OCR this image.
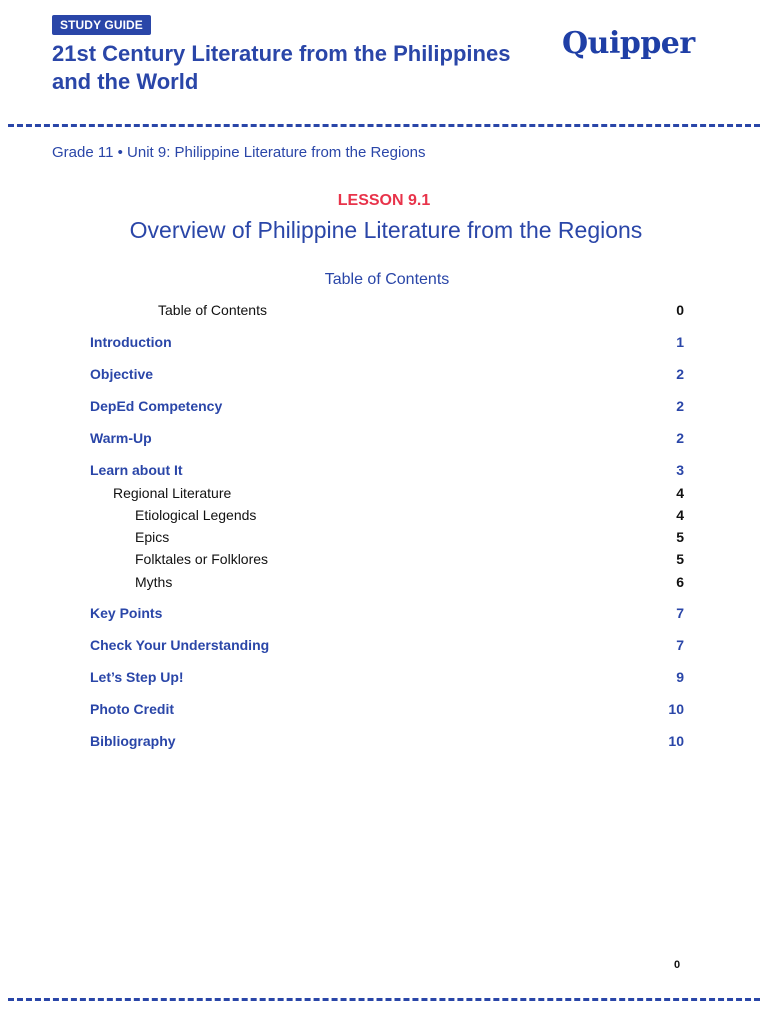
STUDY GUIDE
21st Century Literature from the Philippines and the World
Quipper
Grade 11 • Unit 9: Philippine Literature from the Regions
LESSON 9.1
Overview of Philippine Literature from the Regions
Table of Contents
Table of Contents	0
Introduction	1
Objective	2
DepEd Competency	2
Warm-Up	2
Learn about It	3
Regional Literature	4
Etiological Legends	4
Epics	5
Folktales or Folklores	5
Myths	6
Key Points	7
Check Your Understanding	7
Let’s Step Up!	9
Photo Credit	10
Bibliography	10
0
